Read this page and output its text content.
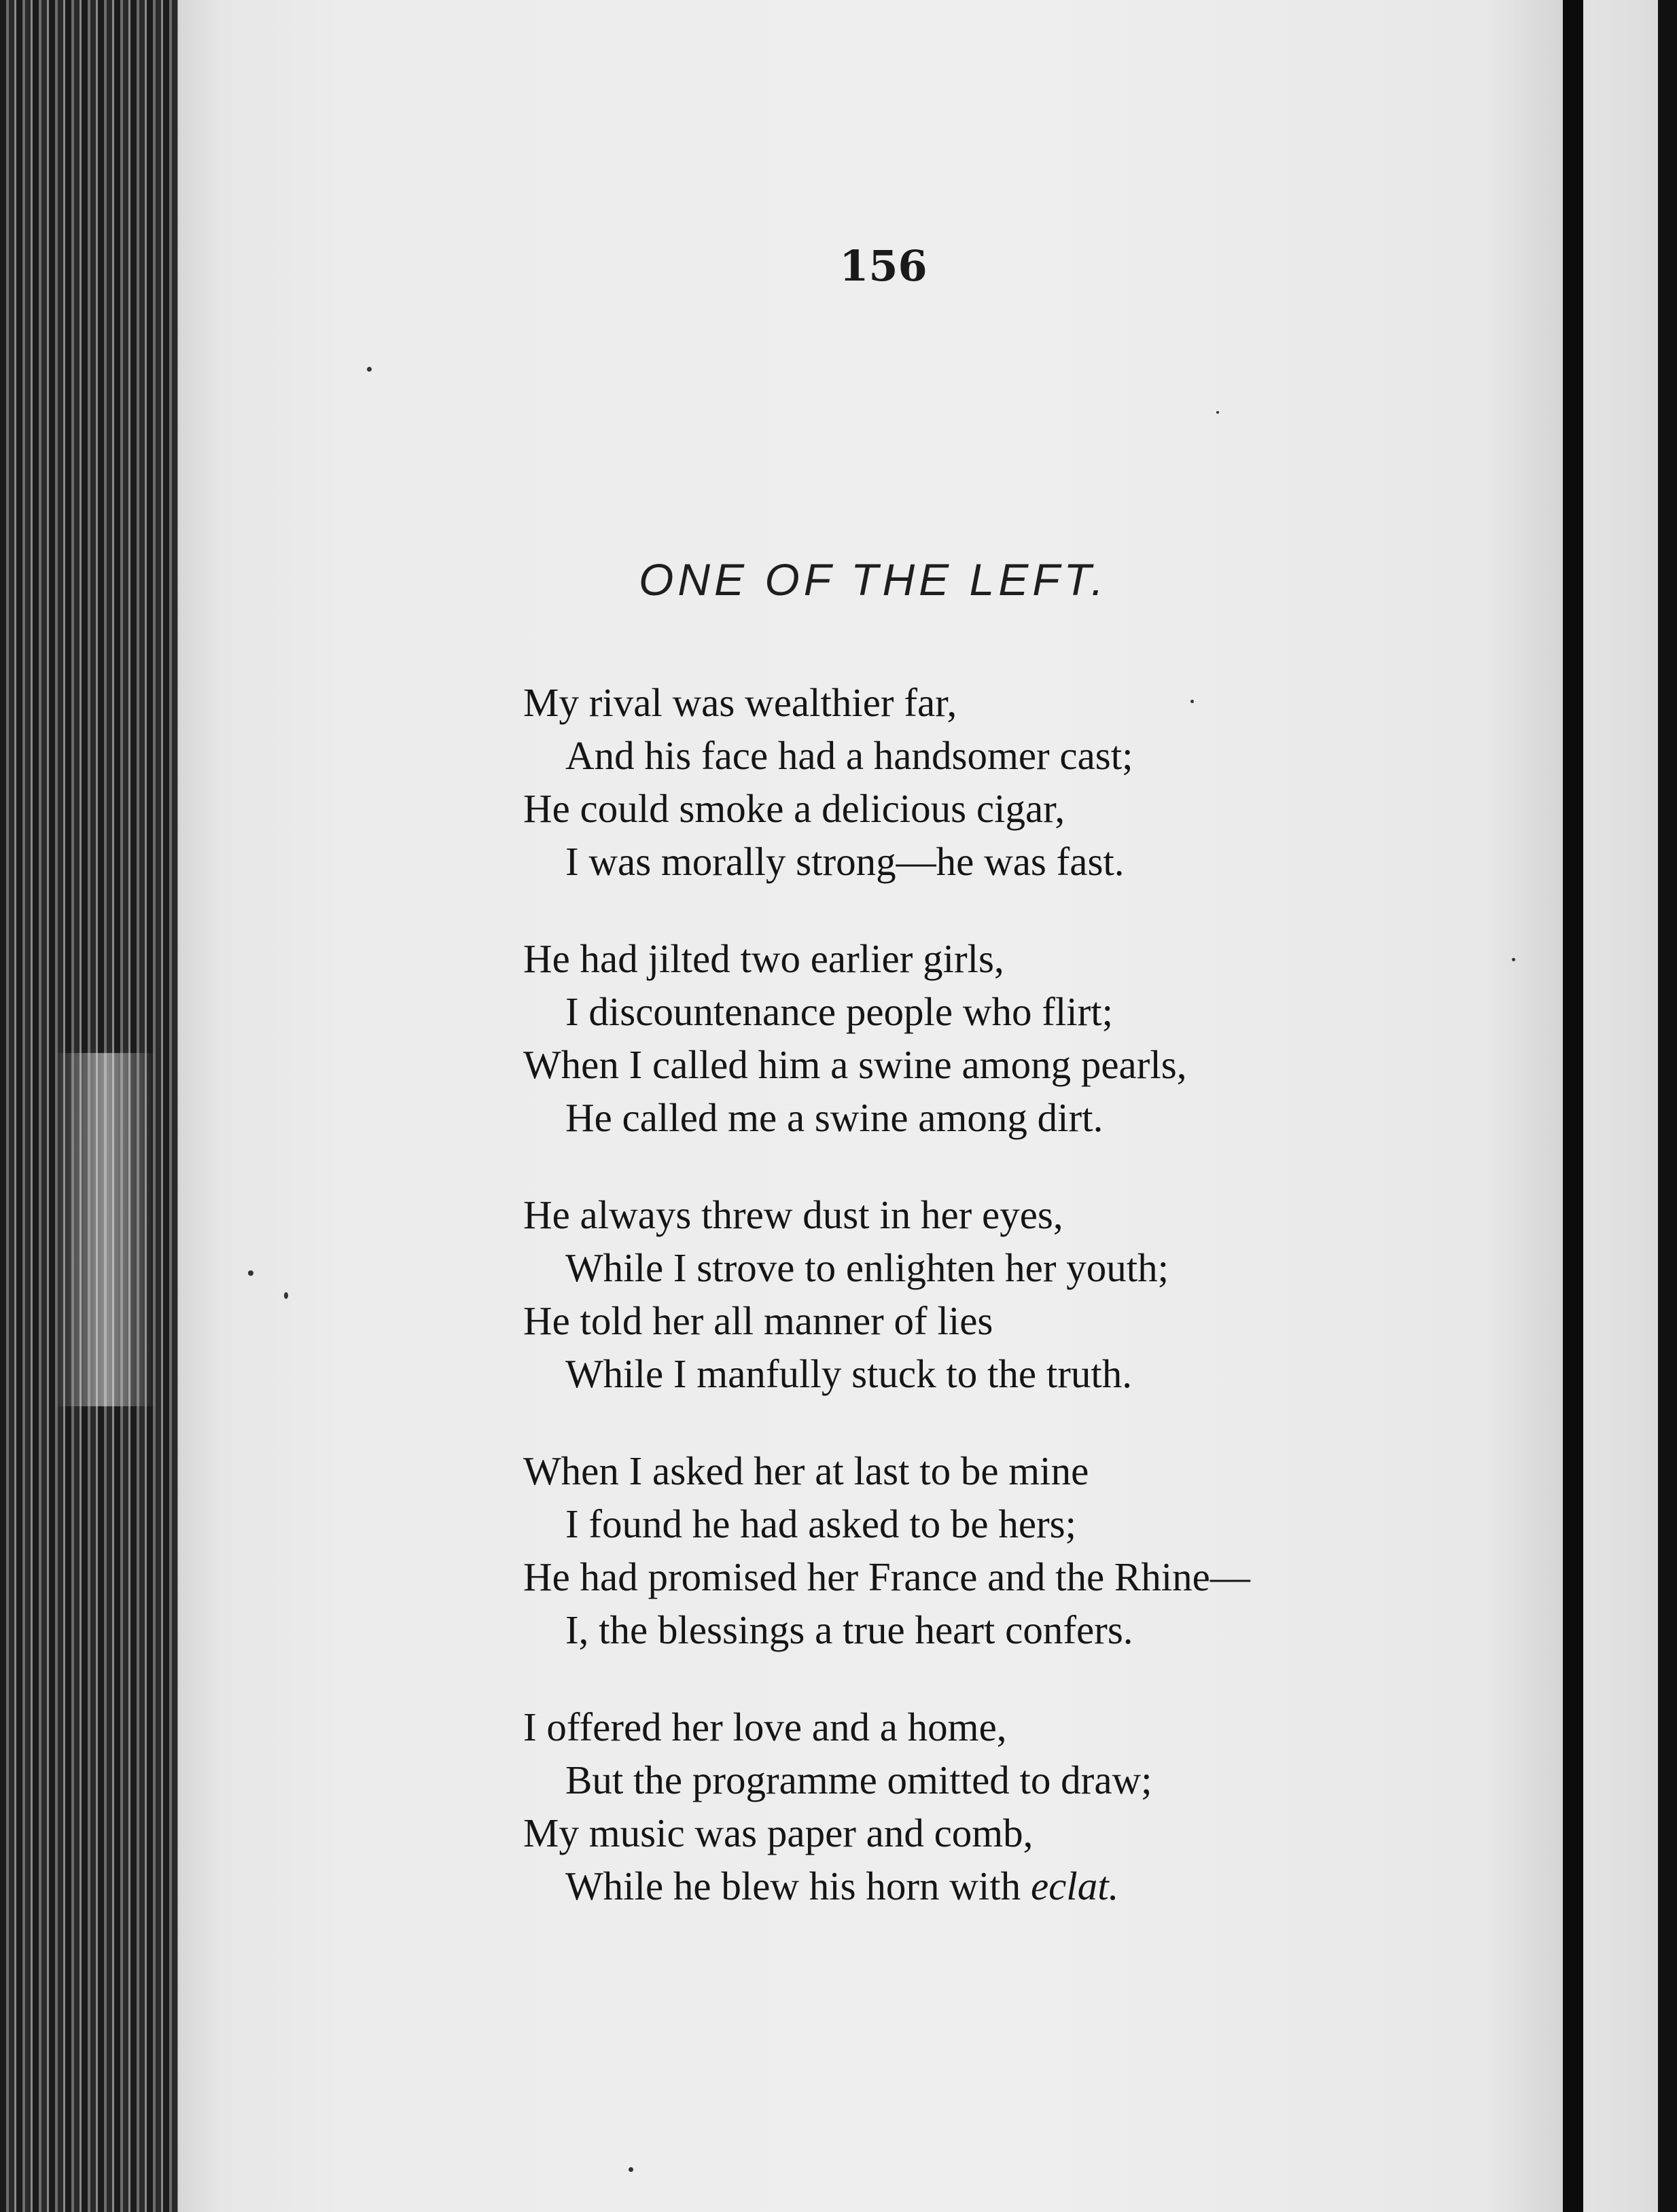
156
ONE OF THE LEFT.
My rival was wealthier far,
And his face had a handsomer cast;
He could smoke a delicious cigar,
I was morally strong—he was fast.
He had jilted two earlier girls,
I discountenance people who flirt;
When I called him a swine among pearls,
He called me a swine among dirt.
He always threw dust in her eyes,
While I strove to enlighten her youth;
He told her all manner of lies
While I manfully stuck to the truth.
When I asked her at last to be mine
I found he had asked to be hers;
He had promised her France and the Rhine—
I, the blessings a true heart confers.
I offered her love and a home,
But the programme omitted to draw;
My music was paper and comb,
While he blew his horn with eclat.
